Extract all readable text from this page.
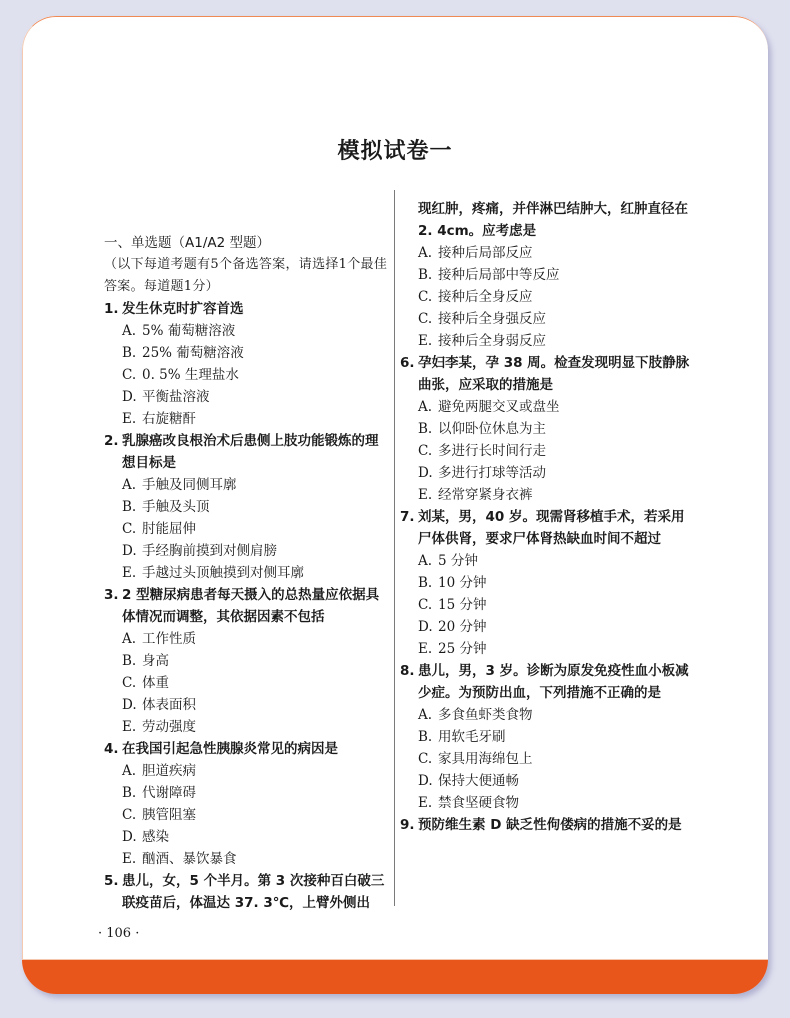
模拟试卷一
一、单选题（A1/A2 型题）
（以下每道考题有5个备选答案，请选择1个最佳答案。每道题1分）
1. 发生休克时扩容首选
A. 5% 葡萄糖溶液
B. 25% 葡萄糖溶液
C. 0. 5% 生理盐水
D. 平衡盐溶液
E. 右旋糖酐
2. 乳腺癌改良根治术后患侧上肢功能锻炼的理想目标是
A. 手触及同侧耳廓
B. 手触及头顶
C. 肘能屈伸
D. 手经胸前摸到对侧肩膀
E. 手越过头顶触摸到对侧耳廓
3. 2 型糖尿病患者每天摄入的总热量应依据具体情况而调整，其依据因素不包括
A. 工作性质
B. 身高
C. 体重
D. 体表面积
E. 劳动强度
4. 在我国引起急性胰腺炎常见的病因是
A. 胆道疾病
B. 代谢障碍
C. 胰管阻塞
D. 感染
E. 酗酒、暴饮暴食
5. 患儿，女，5 个半月。第 3 次接种百白破三联疫苗后，体温达 37. 3℃，上臂外侧出
现红肿，疼痛，并伴淋巴结肿大，红肿直径在 2. 4cm。应考虑是
A. 接种后局部反应
B. 接种后局部中等反应
C. 接种后全身反应
C. 接种后全身强反应
E. 接种后全身弱反应
6. 孕妇李某，孕 38 周。检查发现明显下肢静脉曲张，应采取的措施是
A. 避免两腿交叉或盘坐
B. 以仰卧位休息为主
C. 多进行长时间行走
D. 多进行打球等活动
E. 经常穿紧身衣裤
7. 刘某，男，40 岁。现需肾移植手术，若采用尸体供肾，要求尸体肾热缺血时间不超过
A. 5 分钟
B. 10 分钟
C. 15 分钟
D. 20 分钟
E. 25 分钟
8. 患儿，男，3 岁。诊断为原发免疫性血小板减少症。为预防出血，下列措施不正确的是
A. 多食鱼虾类食物
B. 用软毛牙刷
C. 家具用海绵包上
D. 保持大便通畅
E. 禁食坚硬食物
9. 预防维生素 D 缺乏性佝偻病的措施不妥的是
· 106 ·
